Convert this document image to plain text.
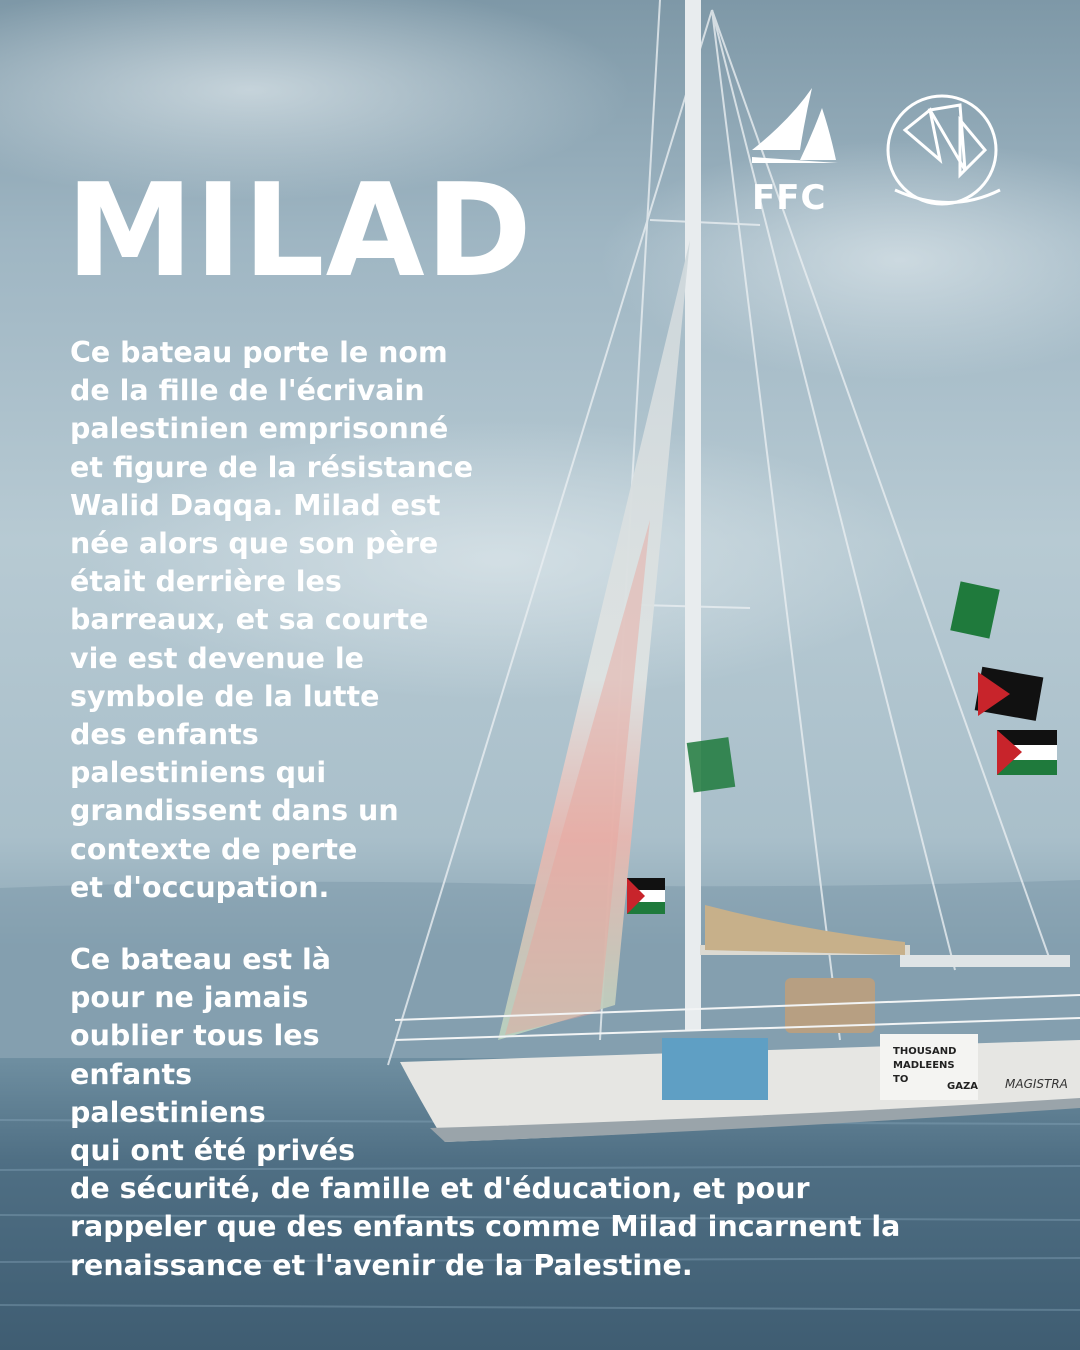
THOUSAND
MADLEENS
TO
GAZA MAGISTRA
FFC
MILAD
Ce bateau porte le nom
de la fille de l'écrivain
palestinien emprisonné
et figure de la résistance
Walid Daqqa. Milad est
née alors que son père
était derrière les
barreaux, et sa courte
vie est devenue le
symbole de la lutte
des enfants
palestiniens qui
grandissent dans un
contexte de perte
et d'occupation.
Ce bateau est là
pour ne jamais
oublier tous les
enfants
palestiniens
qui ont été privés
de sécurité, de famille et d'éducation, et pour
rappeler que des enfants comme Milad incarnent la
renaissance et l'avenir de la Palestine.
